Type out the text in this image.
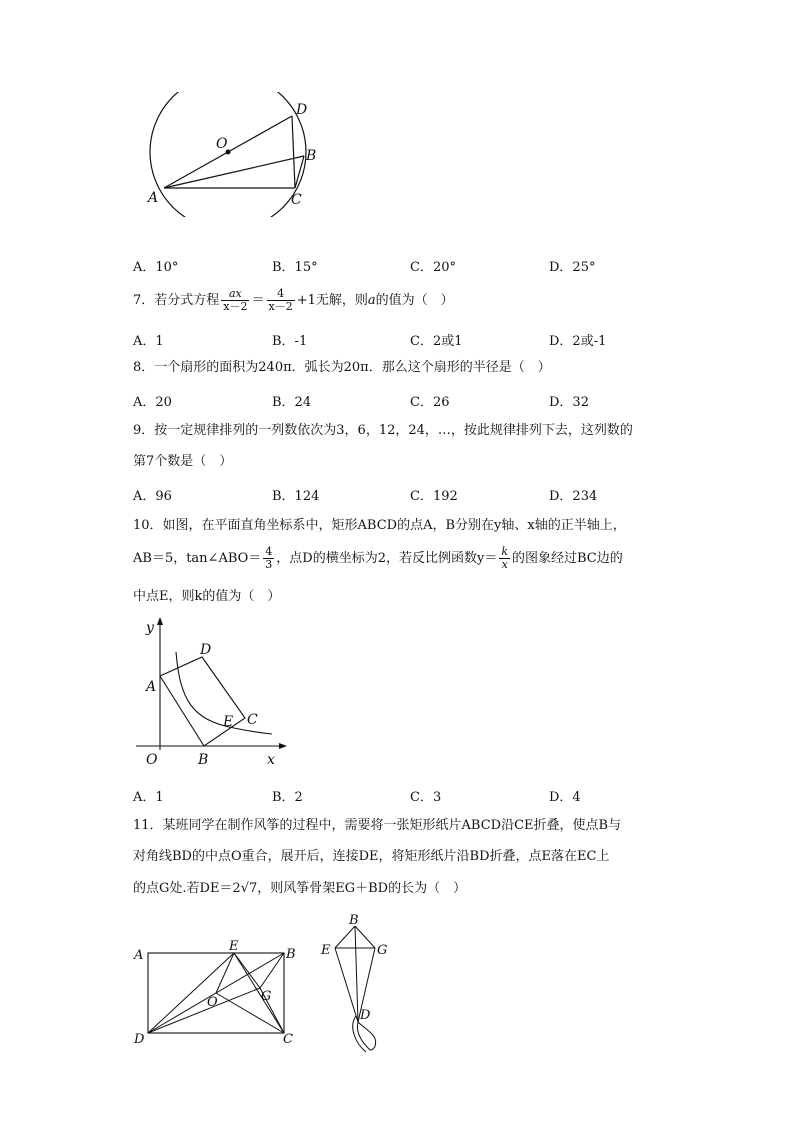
O
D
B
A	C
A．10°	B．15°	C．20°	D．25°
7．若分式方程 $\frac{ax}{x-2} = \frac{4}{x-2} +1$无解，则a的值为（　）
A．1	B．-1	C．2或1	D．2或-1
8．一个扇形的面积为240π．弧长为20π．那么这个扇形的半径是（　）
A．20	B．24	C．26	D．32
9．按一定规律排列的一列数依次为3，6，12，24，…，按此规律排列下去，这列数的
第7个数是（　）
A．96	B．124	C．192	D．234
10．如图，在平面直角坐标系中，矩形ABCD的点A，B分别在y轴、x轴的正半轴上，
AB＝5，tan∠ABO＝ $\frac{4}{3}$ ，点D的横坐标为2，若反比例函数$y= \frac{k}{x}$ 的图象经过BC边的
中点E，则k的值为（　）
y
x
O
A
B
C
D
E
A．1	B．2	C．3	D．4
11．某班同学在制作风筝的过程中，需要将一张矩形纸片ABCD沿CE折叠，使点B与
对角线BD的中点O重合，展开后，连接DE，将矩形纸片沿BD折叠，点E落在EC上
的点G处.若DE＝2√7，则风筝骨架EG＋BD的长为（　）
A
E
B
O	G
D	C
B
E	G
D
